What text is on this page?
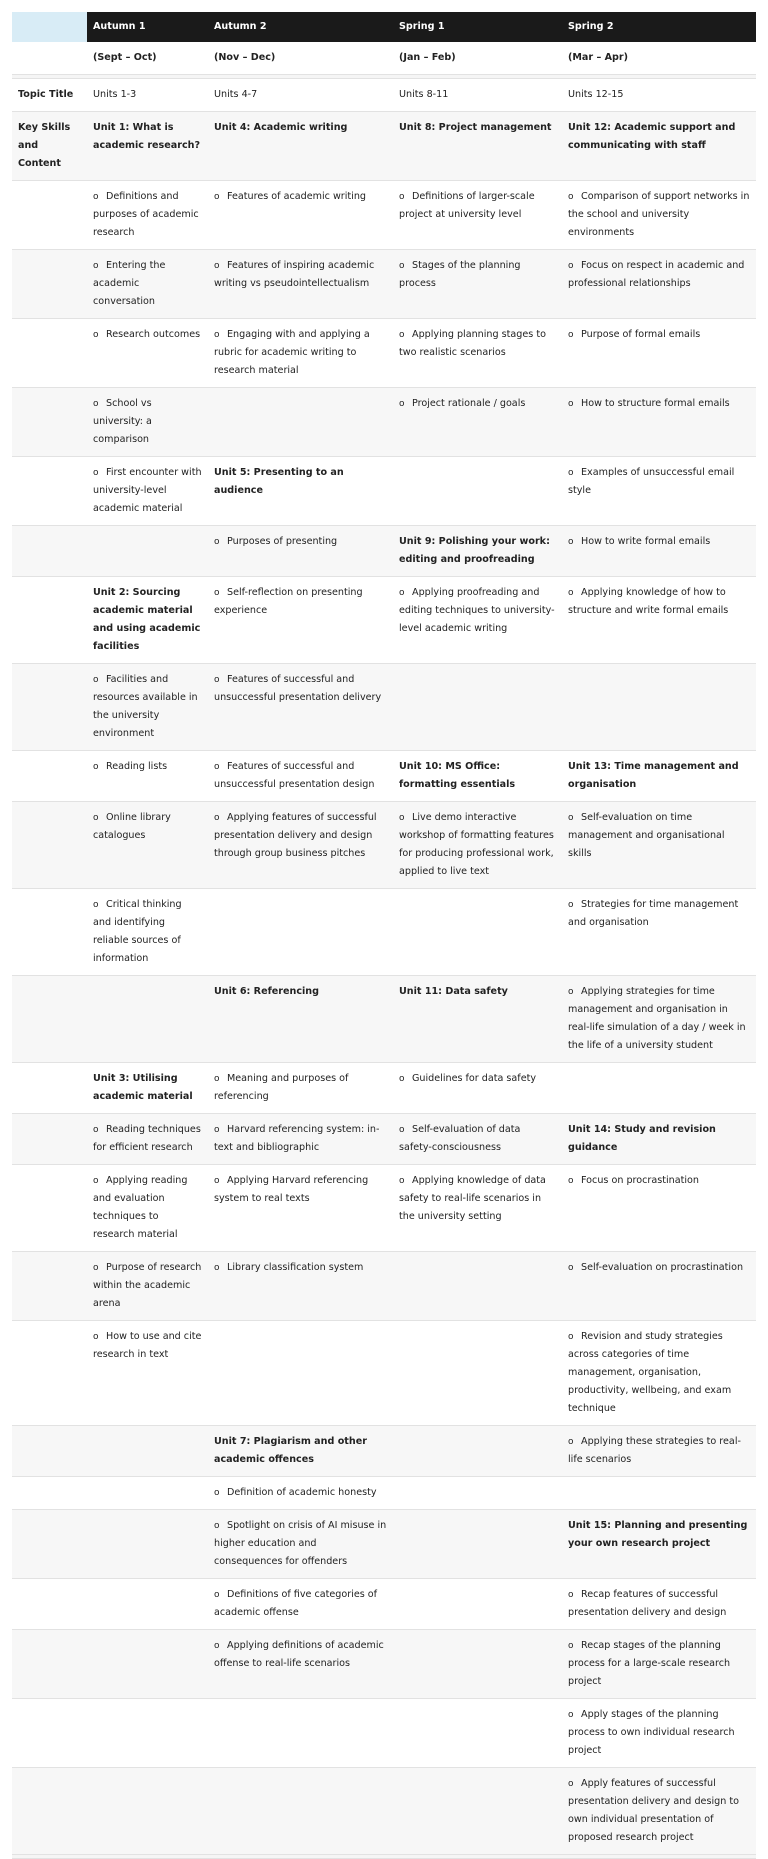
	Autumn 1	Autumn 2	Spring 1	Spring 2
	(Sept – Oct)	(Nov – Dec)	(Jan – Feb)	(Mar – Apr)

Topic Title	Units 1-3	Units 4-7	Units 8-11	Units 12-15
Key Skills and Content	Unit 1: What is academic research?	Unit 4: Academic writing	Unit 8: Project management	Unit 12: Academic support and communicating with staff
	o Definitions and purposes of academic research	o Features of academic writing	o Definitions of larger-scale project at university level	o Comparison of support networks in the school and university environments
	o Entering the academic conversation	o Features of inspiring academic writing vs pseudointellectualism	o Stages of the planning process	o Focus on respect in academic and professional relationships
	o Research outcomes	o Engaging with and applying a rubric for academic writing to research material	o Applying planning stages to two realistic scenarios	o Purpose of formal emails
	o School vs university: a comparison		o Project rationale / goals	o How to structure formal emails
	o First encounter with university-level academic material	Unit 5: Presenting to an audience		o Examples of unsuccessful email style
		o Purposes of presenting	Unit 9: Polishing your work: editing and proofreading	o How to write formal emails
	Unit 2: Sourcing academic material and using academic facilities	o Self-reflection on presenting experience	o Applying proofreading and editing techniques to university-level academic writing	o Applying knowledge of how to structure and write formal emails
	o Facilities and resources available in the university environment	o Features of successful and unsuccessful presentation delivery		
	o Reading lists	o Features of successful and unsuccessful presentation design	Unit 10: MS Office: formatting essentials	Unit 13: Time management and organisation
	o Online library catalogues	o Applying features of successful presentation delivery and design through group business pitches	o Live demo interactive workshop of formatting features for producing professional work, applied to live text	o Self-evaluation on time management and organisational skills
	o Critical thinking and identifying reliable sources of information			o Strategies for time management and organisation
		Unit 6: Referencing	Unit 11: Data safety	o Applying strategies for time management and organisation in real-life simulation of a day / week in the life of a university student
	Unit 3: Utilising academic material	o Meaning and purposes of referencing	o Guidelines for data safety	
	o Reading techniques for efficient research	o Harvard referencing system: in-text and bibliographic	o Self-evaluation of data safety-consciousness	Unit 14: Study and revision guidance
	o Applying reading and evaluation techniques to research material	o Applying Harvard referencing system to real texts	o Applying knowledge of data safety to real-life scenarios in the university setting	o Focus on procrastination
	o Purpose of research within the academic arena	o Library classification system		o Self-evaluation on procrastination
	o How to use and cite research in text			o Revision and study strategies across categories of time management, organisation, productivity, wellbeing, and exam technique
		Unit 7: Plagiarism and other academic offences		o Applying these strategies to real-life scenarios
		o Definition of academic honesty		
		o Spotlight on crisis of AI misuse in higher education and consequences for offenders		Unit 15: Planning and presenting your own research project
		o Definitions of five categories of academic offense		o Recap features of successful presentation delivery and design
		o Applying definitions of academic offense to real-life scenarios		o Recap stages of the planning process for a large-scale research project
				o Apply stages of the planning process to own individual research project
				o Apply features of successful presentation delivery and design to own individual presentation of proposed research project
